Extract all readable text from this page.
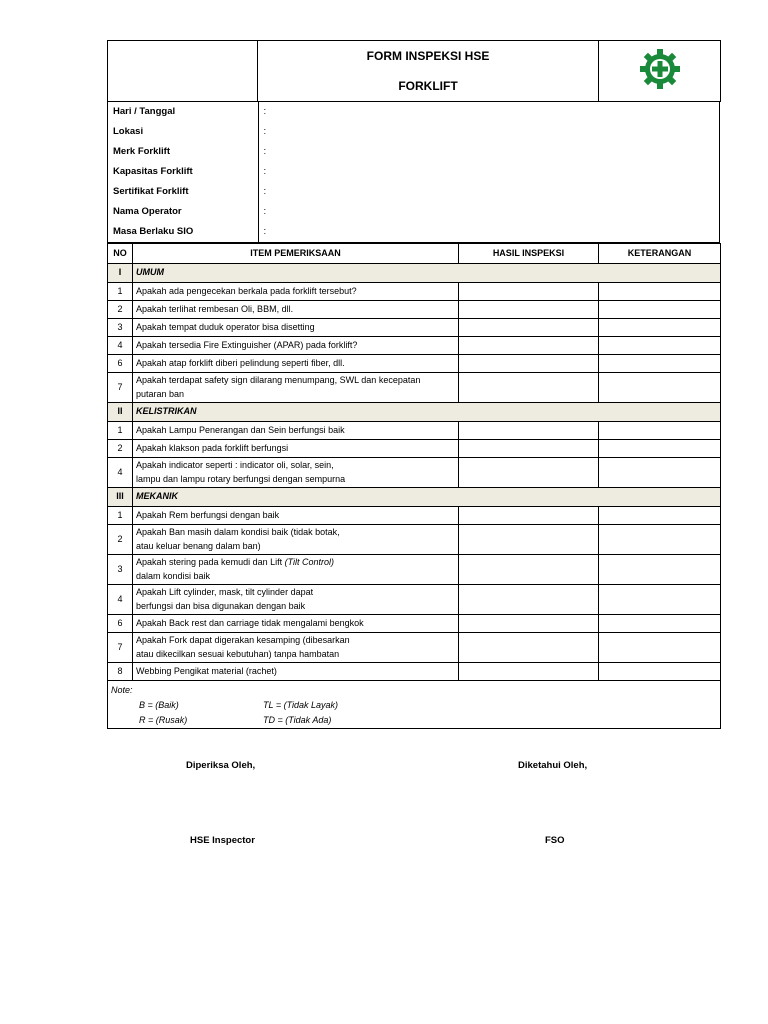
FORM INSPEKSI HSE
FORKLIFT

Hari / Tanggal	:
Lokasi	:
Merk Forklift	:
Kapasitas Forklift	:
Sertifikat Forklift	:
Nama Operator	:
Masa Berlaku SIO	:
NO	ITEM PEMERIKSAAN	HASIL INSPEKSI	KETERANGAN
I	UMUM		
1	Apakah ada pengecekan berkala pada forklift tersebut?		

2	Apakah terlihat rembesan Oli, BBM, dll.		

3	Apakah tempat duduk operator bisa disetting		

4	Apakah tersedia Fire Extinguisher (APAR) pada forklift?		

6	Apakah atap forklift diberi pelindung seperti fiber, dll.		

7	Apakah terdapat safety sign dilarang menumpang, SWL dan kecepatan
putaran ban		

II	KELISTRIKAN		
1	Apakah Lampu Penerangan dan Sein berfungsi baik		

2	Apakah klakson pada forklift berfungsi		

4	Apakah indicator seperti : indicator oli, solar, sein,
lampu dan lampu rotary berfungsi dengan sempurna		

III	MEKANIK		
1	Apakah Rem berfungsi dengan baik		

2	Apakah Ban masih dalam kondisi baik (tidak botak,
atau keluar benang dalam ban)		

3	Apakah stering pada kemudi dan Lift (Tilt Control)
dalam kondisi baik		

4	Apakah Lift cylinder, mask, tilt cylinder dapat
berfungsi dan bisa digunakan dengan baik		

6	Apakah Back rest dan carriage tidak mengalami bengkok		

7	Apakah Fork dapat digerakan kesamping (dibesarkan
atau dikecilkan sesuai kebutuhan) tanpa hambatan		

8	Webbing Pengikat material (rachet)		

Note:
B = (Baik) TL = (Tidak Layak)
R = (Rusak) TD = (Tidak Ada)			
Diperiksa Oleh,	Diketahui Oleh,
HSE Inspector	FSO
